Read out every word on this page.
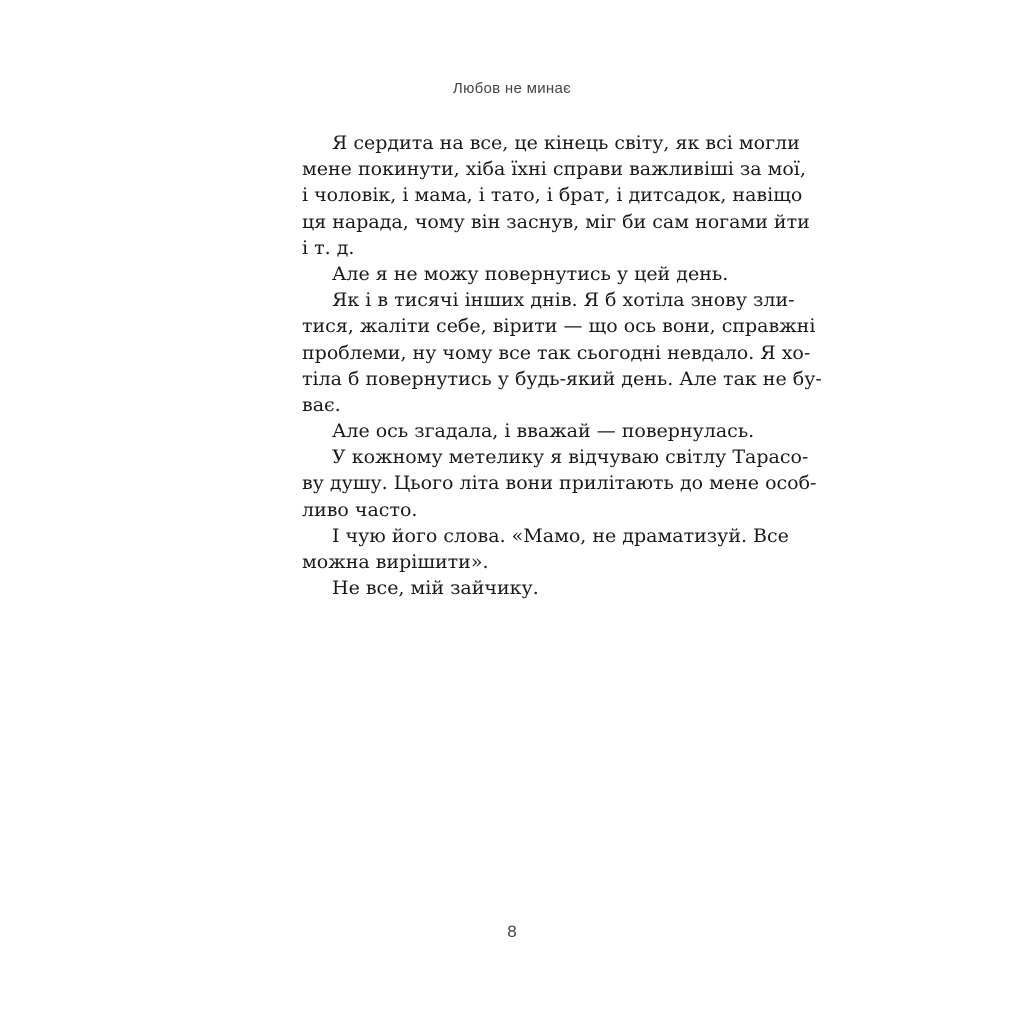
Любов не минає
Я сердита на все, це кінець світу, як всі могли
мене покинути, хіба їхні справи важливіші за мої,
і чоловік, і мама, і тато, і брат, і дитсадок, навіщо
ця нарада, чому він заснув, міг би сам ногами йти
і т. д.
Але я не можу повернутись у цей день.
Як і в тисячі інших днів. Я б хотіла знову зли-
тися, жаліти себе, вірити — що ось вони, справжні
проблеми, ну чому все так сьогодні невдало. Я хо-
тіла б повернутись у будь-який день. Але так не бу-
ває.
Але ось згадала, і вважай — повернулась.
У кожному метелику я відчуваю світлу Тарасо-
ву душу. Цього літа вони прилітають до мене особ-
ливо часто.
І чую його слова. «Мамо, не драматизуй. Все
можна вирішити».
Не все, мій зайчику.
8
